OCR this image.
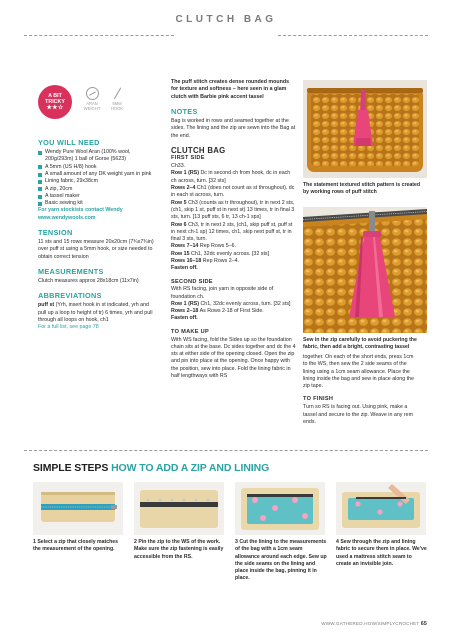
CLUTCH BAG
A BIT
TRICKY
★★☆
ARAN
WEIGHT
5MM
HOOK
YOU WILL NEED
Wendy Pure Wool Aran (100% wool, 200g/293m) 1 ball of Gorse (5623)
A 5mm (US H/8) hook
A small amount of any DK weight yarn in pink
Lining fabric, 29x38cm
A zip, 20cm
A tassel maker
Basic sewing kit
For yarn stockists contact Wendy www.wendywools.com
TENSION
11 sts and 15 rows measure 20x20cm (7¾x7¾in) over puff st using a 5mm hook, or size needed to obtain correct tension
MEASUREMENTS
Clutch measures approx 28x18cm (11x7in)
ABBREVIATIONS
puff st (Yrh, insert hook in st indicated, yrh and pull up a loop to height of tr) 6 times, yrh and pull through all loops on hook, ch1
For a full list, see page 78
The puff stitch creates dense rounded mounds for texture and softness – here seen in a glam clutch with Barbie pink accent tassel
NOTES
Bag is worked in rows and seamed together at the sides. The lining and the zip are sewn into the Bag at the end.
CLUTCH BAG
FIRST SIDE
Ch33.
Row 1 (RS) Dc in second ch from hook, dc in each ch across, turn. [32 sts]
Rows 2–4 Ch1 (does not count as st throughout), dc in each st across, turn.
Row 5 Ch3 (counts as tr throughout), tr in next 2 sts, (ch1, skip 1 st, puff st in next st) 13 times, tr in final 3 sts, turn. [13 puff sts, 6 tr, 13 ch-1 sps]
Row 6 Ch3, tr in next 2 sts, (ch1, skip puff st, puff st in next ch-1 sp) 12 times, ch1, skip next puff st, tr in final 3 sts, turn.
Rows 7–14 Rep Rows 5–6.
Row 15 Ch1, 32dc evenly across. [32 sts]
Rows 16–18 Rep Rows 2–4.
Fasten off.
SECOND SIDE
With RS facing, join yarn in opposite side of foundation ch.
Row 1 (RS) Ch1, 32dc evenly across, turn. [32 sts]
Rows 2–18 As Rows 2-18 of First Side.
Fasten off.
TO MAKE UP
With WS facing, fold the Sides up so the foundation chain sits at the base. Dc sides together and dc the 4 sts at either side of the opening closed. Open the zip and pin into place at the opening. Once happy with the position, sew into place. Fold the lining fabric in half lengthways with RS
The statement textured stitch pattern is created by working rows of puff stitch
Sew in the zip carefully to avoid puckering the fabric, then add a bright, contrasting tassel
together. On each of the short ends, press 1cm to the WS, then sew the 2 side seams of the lining using a 1cm seam allowance. Place the lining inside the bag and sew in place along the zip tape.
TO FINISH
Turn so RS is facing out. Using pink, make a tassel and secure to the zip. Weave in any rem ends.
SIMPLE STEPS HOW TO ADD A ZIP AND LINING
1 Select a zip that closely matches the measurement of the opening.
2 Pin the zip to the WS of the work. Make sure the zip fastening is easily accessible from the RS.
3 Cut the lining to the measurements of the bag with a 1cm seam allowance around each edge. Sew up the side seams on the lining and place inside the bag, pinning it in place.
4 Sew through the zip and lining fabric to secure them in place. We've used a mattress stitch seam to create an invisible join.
WWW.GATHERED.HOW/SIMPLYCROCHET 65
